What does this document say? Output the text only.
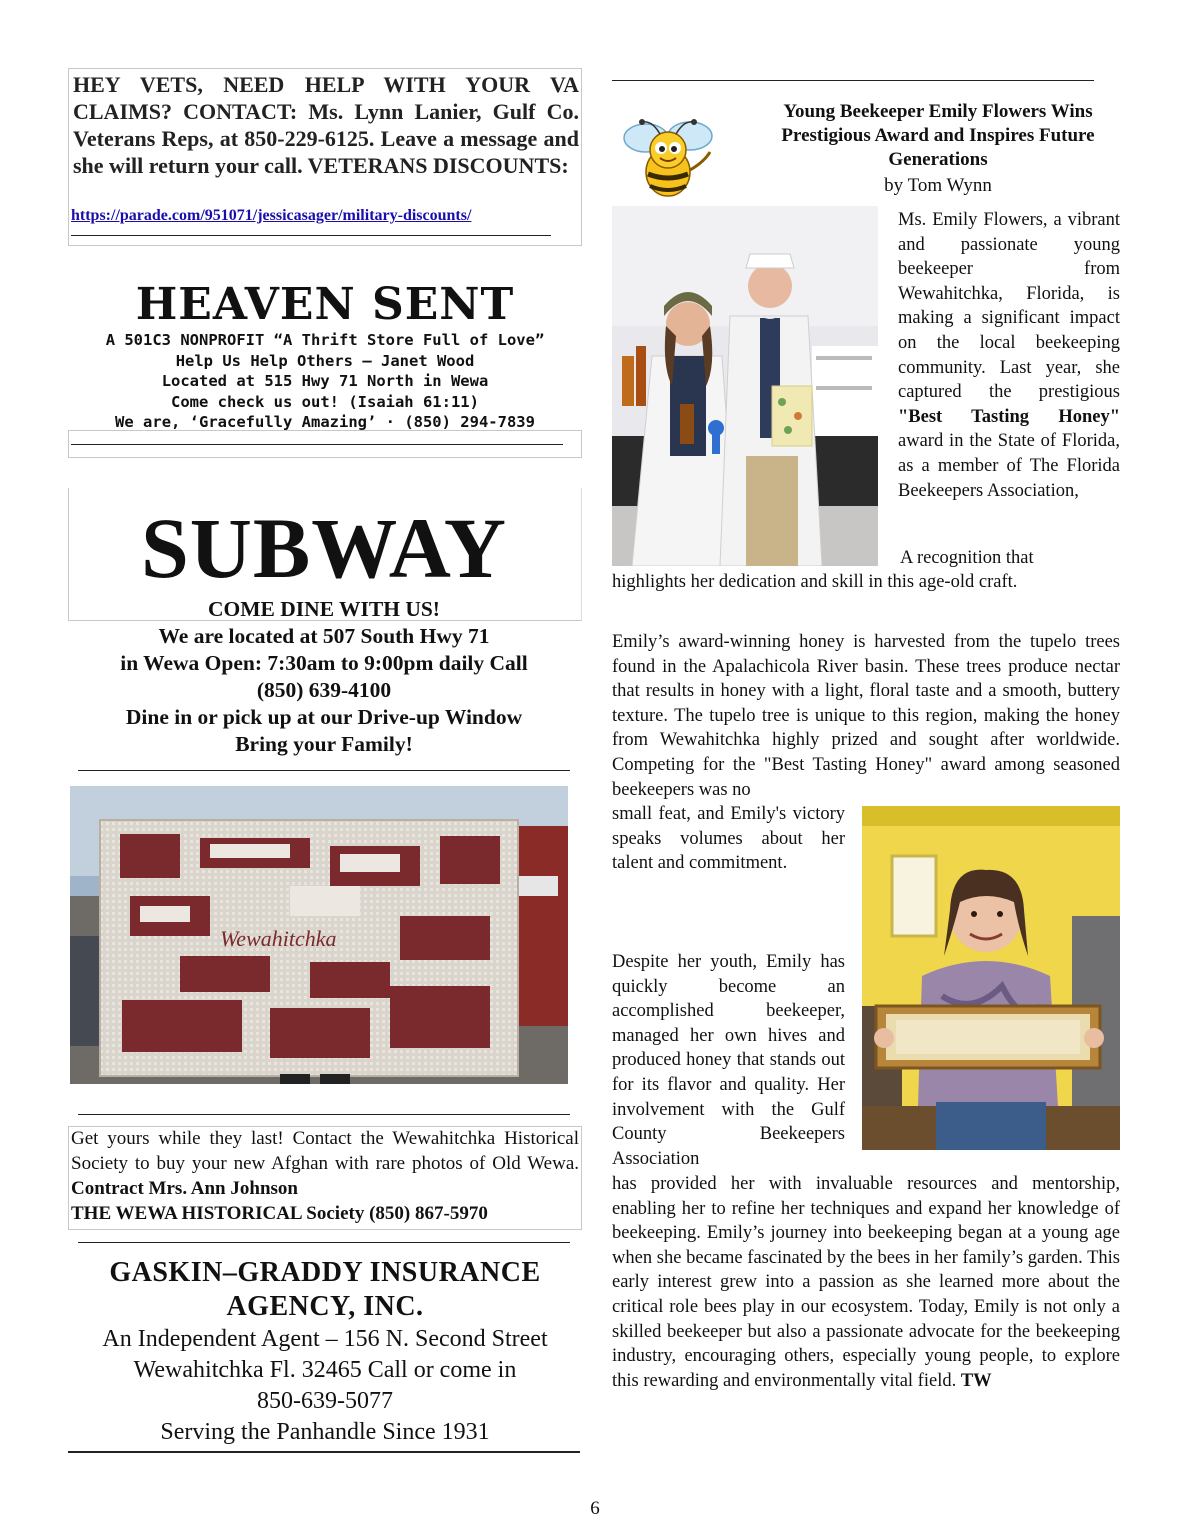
HEY VETS, NEED HELP WITH YOUR VA CLAIMS? CONTACT: Ms. Lynn Lanier, Gulf Co. Veterans Reps, at 850-229-6125. Leave a message and she will return your call. VETERANS DISCOUNTS:
https://parade.com/951071/jessicasager/military-discounts/
HEAVEN SENT
A 501C3 NONPROFIT “A Thrift Store Full of Love”
Help Us Help Others – Janet Wood
Located at 515 Hwy 71 North in Wewa
Come check us out! (Isaiah 61:11)
We are, ‘Gracefully Amazing’ · (850) 294-7839
SUBWAY
COME DINE WITH US!
We are located at 507 South Hwy 71
in Wewa Open: 7:30am to 9:00pm daily Call
(850) 639-4100
Dine in or pick up at our Drive-up Window
Bring your Family!
Wewahitchka
Get yours while they last! Contact the Wewahitchka Historical Society to buy your new Afghan with rare photos of Old Wewa. Contract Mrs. Ann Johnson
THE WEWA HISTORICAL Society (850) 867-5970
GASKIN–GRADDY INSURANCE
AGENCY, INC.
An Independent Agent – 156 N. Second Street
Wewahitchka Fl. 32465 Call or come in
850-639-5077
Serving the Panhandle Since 1931
Young Beekeeper Emily Flowers Wins Prestigious Award and Inspires Future Generations
by Tom Wynn
Ms. Emily Flowers, a vibrant and passionate young beekeeper from Wewahitchka, Florida, is making a significant impact on the local beekeeping community. Last year, she captured the prestigious "Best Tasting Honey" award in the State of Florida, as a member of The Florida Beekeepers Association,
A recognition that
highlights her dedication and skill in this age-old craft.
Emily’s award-winning honey is harvested from the tupelo trees found in the Apalachicola River basin. These trees produce nectar that results in honey with a light, floral taste and a smooth, buttery texture. The tupelo tree is unique to this region, making the honey from Wewahitchka highly prized and sought after worldwide. Competing for the "Best Tasting Honey" award among seasoned beekeepers was no
small feat, and Emily's victory speaks volumes about her talent and commitment.
Despite her youth, Emily has quickly become an accomplished beekeeper, managed her own hives and produced honey that stands out for its flavor and quality. Her involvement with the Gulf County Beekeepers Association
has provided her with invaluable resources and mentorship, enabling her to refine her techniques and expand her knowledge of beekeeping. Emily’s journey into beekeeping began at a young age when she became fascinated by the bees in her family’s garden. This early interest grew into a passion as she learned more about the critical role bees play in our ecosystem. Today, Emily is not only a skilled beekeeper but also a passionate advocate for the beekeeping industry, encouraging others, especially young people, to explore this rewarding and environmentally vital field. TW
6
